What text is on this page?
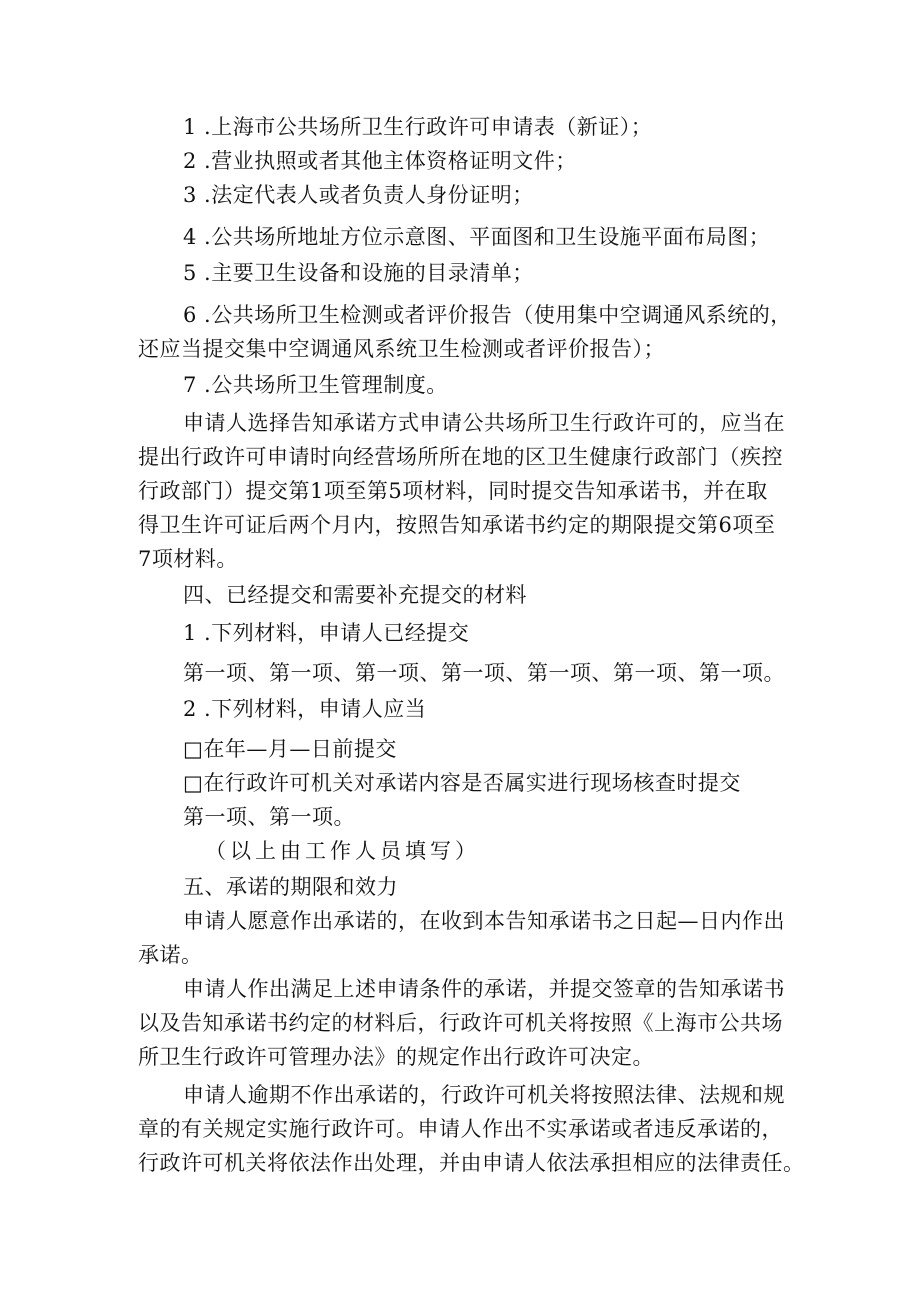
1 .上海市公共场所卫生行政许可申请表（新证）；
2 .营业执照或者其他主体资格证明文件；
3 .法定代表人或者负责人身份证明；
4 .公共场所地址方位示意图、平面图和卫生设施平面布局图；
5 .主要卫生设备和设施的目录清单；
6 .公共场所卫生检测或者评价报告（使用集中空调通风系统的，
还应当提交集中空调通风系统卫生检测或者评价报告）；
7 .公共场所卫生管理制度。
申请人选择告知承诺方式申请公共场所卫生行政许可的，应当在
提出行政许可申请时向经营场所所在地的区卫生健康行政部门（疾控
行政部门）提交第1项至第5项材料，同时提交告知承诺书，并在取
得卫生许可证后两个月内，按照告知承诺书约定的期限提交第6项至
7项材料。
四、已经提交和需要补充提交的材料
1 .下列材料，申请人已经提交
第一项、第一项、第一项、第一项、第一项、第一项、第一项。
2 .下列材料，申请人应当
□在年—月—日前提交
□在行政许可机关对承诺内容是否属实进行现场核查时提交
第一项、第一项。
（以上由工作人员填写）
五、承诺的期限和效力
申请人愿意作出承诺的，在收到本告知承诺书之日起—日内作出
承诺。
申请人作出满足上述申请条件的承诺，并提交签章的告知承诺书
以及告知承诺书约定的材料后，行政许可机关将按照《上海市公共场
所卫生行政许可管理办法》的规定作出行政许可决定。
申请人逾期不作出承诺的，行政许可机关将按照法律、法规和规
章的有关规定实施行政许可。申请人作出不实承诺或者违反承诺的，
行政许可机关将依法作出处理，并由申请人依法承担相应的法律责任。
